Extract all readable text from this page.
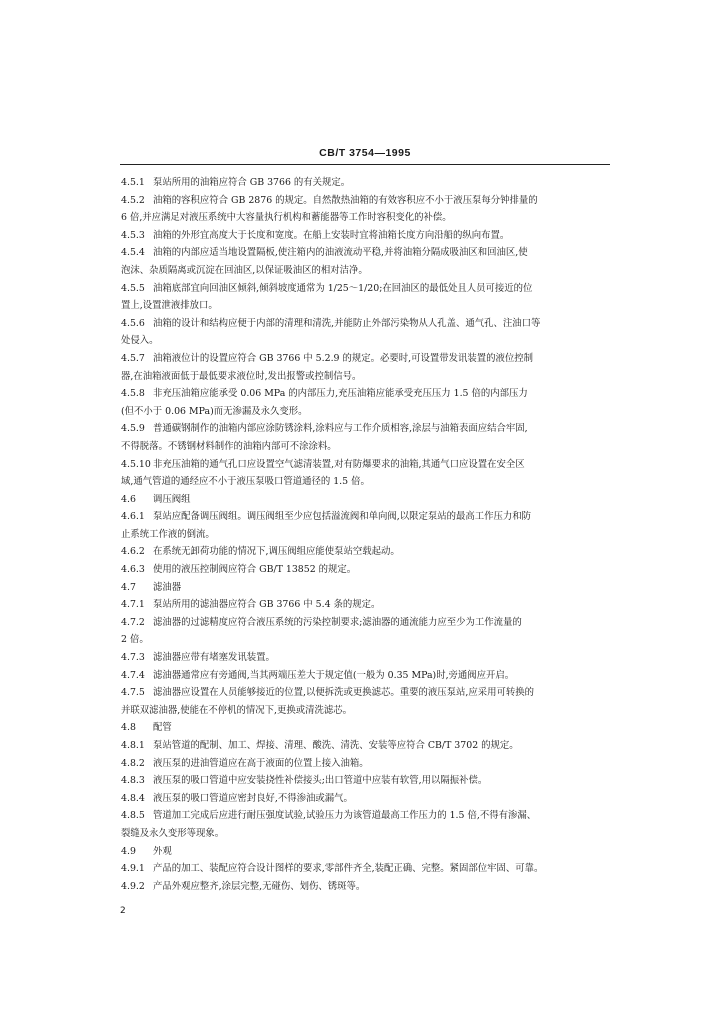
CB/T 3754—1995
4.5.1 泵站所用的油箱应符合 GB 3766 的有关规定。
4.5.2 油箱的容积应符合 GB 2876 的规定。自然散热油箱的有效容积应不小于液压泵每分钟排量的
6 倍,并应满足对液压系统中大容量执行机构和蓄能器等工作时容积变化的补偿。
4.5.3 油箱的外形宜高度大于长度和宽度。在船上安装时宜将油箱长度方向沿船的纵向布置。
4.5.4 油箱的内部应适当地设置隔板,使注箱内的油液流动平稳,并将油箱分隔成吸油区和回油区,使
泡沫、杂质隔离或沉淀在回油区,以保证吸油区的相对洁净。
4.5.5 油箱底部宜向回油区倾斜,倾斜坡度通常为 1/25～1/20;在回油区的最低处且人员可接近的位
置上,设置泄液排放口。
4.5.6 油箱的设计和结构应便于内部的清理和清洗,并能防止外部污染物从人孔盖、通气孔、注油口等
处侵入。
4.5.7 油箱液位计的设置应符合 GB 3766 中 5.2.9 的规定。必要时,可设置带发讯装置的液位控制
器,在油箱液面低于最低要求液位时,发出报警或控制信号。
4.5.8 非充压油箱应能承受 0.06 MPa 的内部压力,充压油箱应能承受充压压力 1.5 倍的内部压力
(但不小于 0.06 MPa)而无渗漏及永久变形。
4.5.9 普通碳钢制作的油箱内部应涂防锈涂料,涂料应与工作介质相容,涂层与油箱表面应结合牢固,
不得脱落。不锈钢材料制作的油箱内部可不涂涂料。
4.5.10 非充压油箱的通气孔口应设置空气滤清装置,对有防爆要求的油箱,其通气口应设置在安全区
域,通气管道的通经应不小于液压泵吸口管道通径的 1.5 倍。
4.6 调压阀组
4.6.1 泵站应配备调压阀组。调压阀组至少应包括溢流阀和单向阀,以限定泵站的最高工作压力和防
止系统工作液的倒流。
4.6.2 在系统无卸荷功能的情况下,调压阀组应能使泵站空载起动。
4.6.3 使用的液压控制阀应符合 GB/T 13852 的规定。
4.7 滤油器
4.7.1 泵站所用的滤油器应符合 GB 3766 中 5.4 条的规定。
4.7.2 滤油器的过滤精度应符合液压系统的污染控制要求;滤油器的通流能力应至少为工作流量的
2 倍。
4.7.3 滤油器应带有堵塞发讯装置。
4.7.4 滤油器通常应有旁通阀,当其两端压差大于规定值(一般为 0.35 MPa)时,旁通阀应开启。
4.7.5 滤油器应设置在人员能够接近的位置,以便拆洗或更换滤芯。重要的液压泵站,应采用可转换的
并联双滤油器,使能在不停机的情况下,更换或清洗滤芯。
4.8 配管
4.8.1 泵站管道的配制、加工、焊接、清理、酸洗、清洗、安装等应符合 CB/T 3702 的规定。
4.8.2 液压泵的进油管道应在高于液面的位置上接入油箱。
4.8.3 液压泵的吸口管道中应安装挠性补偿接头;出口管道中应装有软管,用以隔振补偿。
4.8.4 液压泵的吸口管道应密封良好,不得渗油或漏气。
4.8.5 管道加工完成后应进行耐压强度试验,试验压力为该管道最高工作压力的 1.5 倍,不得有渗漏、
裂缝及永久变形等现象。
4.9 外观
4.9.1 产品的加工、装配应符合设计图样的要求,零部件齐全,装配正确、完整。紧固部位牢固、可靠。
4.9.2 产品外观应整齐,涂层完整,无碰伤、划伤、锈斑等。
2
